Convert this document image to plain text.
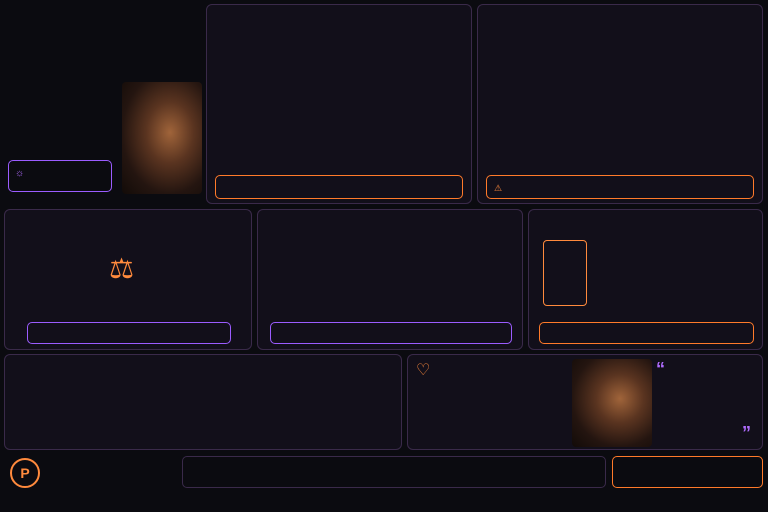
☼
⚠
⚖
♡	“
”
P
